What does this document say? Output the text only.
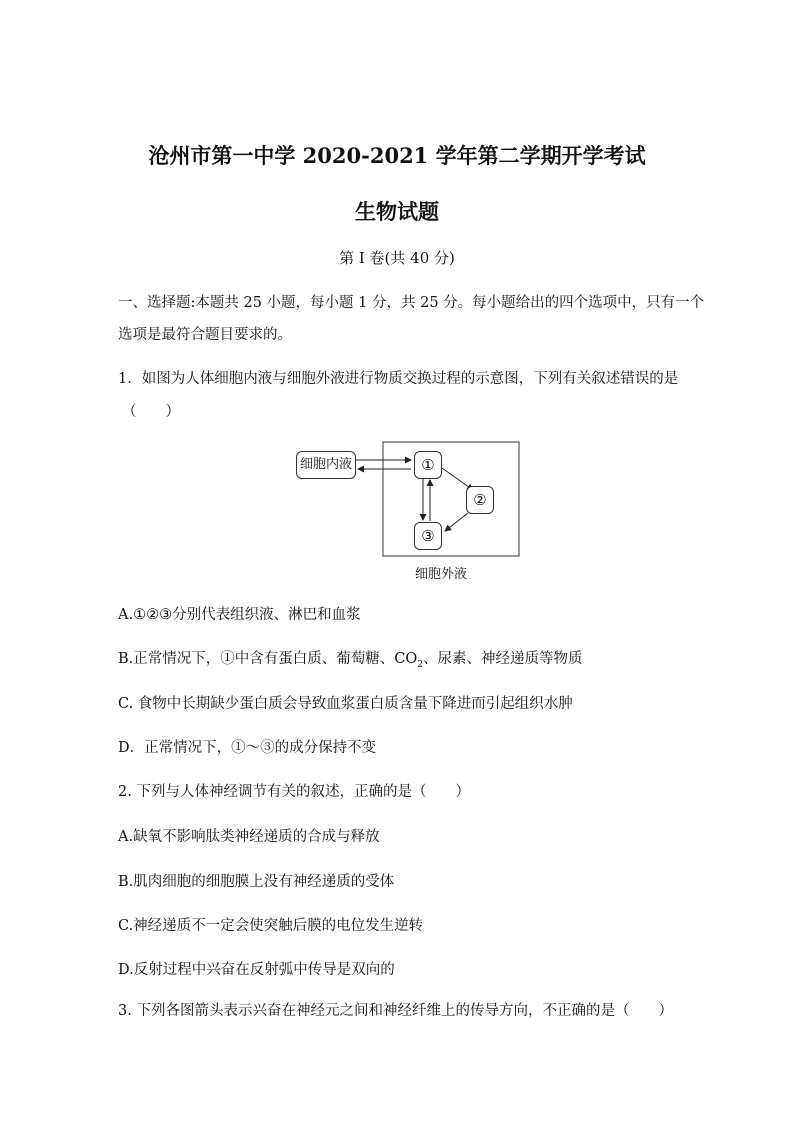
沧州市第一中学 2020-2021 学年第二学期开学考试
生物试题
第 I 卷(共 40 分)
一、选择题:本题共 25 小题，每小题 1 分，共 25 分。每小题给出的四个选项中，只有一个
选项是最符合题目要求的。
1．如图为人体细胞内液与细胞外液进行物质交换过程的示意图，下列有关叙述错误的是
（　　）
细胞内液	①
②
③
细胞外液
A.①②③分别代表组织液、淋巴和血浆
B.正常情况下，①中含有蛋白质、葡萄糖、$CO_2$、尿素、神经递质等物质
C. 食物中长期缺少蛋白质会导致血浆蛋白质含量下降进而引起组织水肿
D．正常情况下，①～③的成分保持不变
2. 下列与人体神经调节有关的叙述，正确的是（　　）
A.缺氧不影响肽类神经递质的合成与释放
B.肌肉细胞的细胞膜上没有神经递质的受体
C.神经递质不一定会使突触后膜的电位发生逆转
D.反射过程中兴奋在反射弧中传导是双向的
3. 下列各图箭头表示兴奋在神经元之间和神经纤维上的传导方向，不正确的是（　　）
